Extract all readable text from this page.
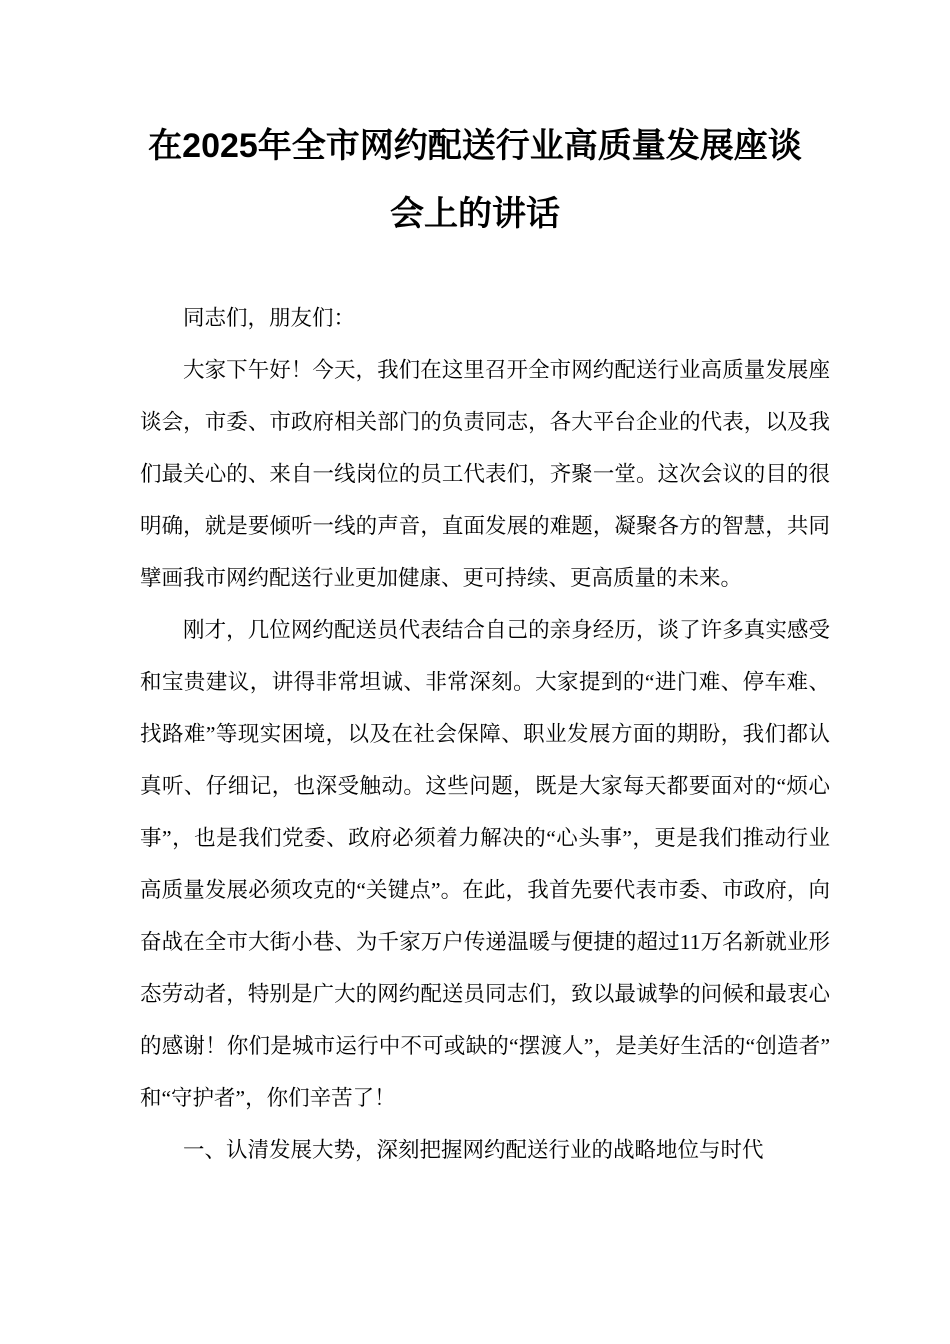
在2025年全市网约配送行业高质量发展座谈会上的讲话

同志们，朋友们：

大家下午好！今天，我们在这里召开全市网约配送行业高质量发展座谈会，市委、市政府相关部门的负责同志，各大平台企业的代表，以及我们最关心的、来自一线岗位的员工代表们，齐聚一堂。这次会议的目的很明确，就是要倾听一线的声音，直面发展的难题，凝聚各方的智慧，共同擘画我市网约配送行业更加健康、更可持续、更高质量的未来。

刚才，几位网约配送员代表结合自己的亲身经历，谈了许多真实感受和宝贵建议，讲得非常坦诚、非常深刻。大家提到的“进门难、停车难、找路难”等现实困境，以及在社会保障、职业发展方面的期盼，我们都认真听、仔细记，也深受触动。这些问题，既是大家每天都要面对的“烦心事”，也是我们党委、政府必须着力解决的“心头事”，更是我们推动行业高质量发展必须攻克的“关键点”。在此，我首先要代表市委、市政府，向奋战在全市大街小巷、为千家万户传递温暖与便捷的超过11万名新就业形态劳动者，特别是广大的网约配送员同志们，致以最诚挚的问候和最衷心的感谢！你们是城市运行中不可或缺的“摆渡人”，是美好生活的“创造者”和“守护者”，你们辛苦了！

一、认清发展大势，深刻把握网约配送行业的战略地位与时代
